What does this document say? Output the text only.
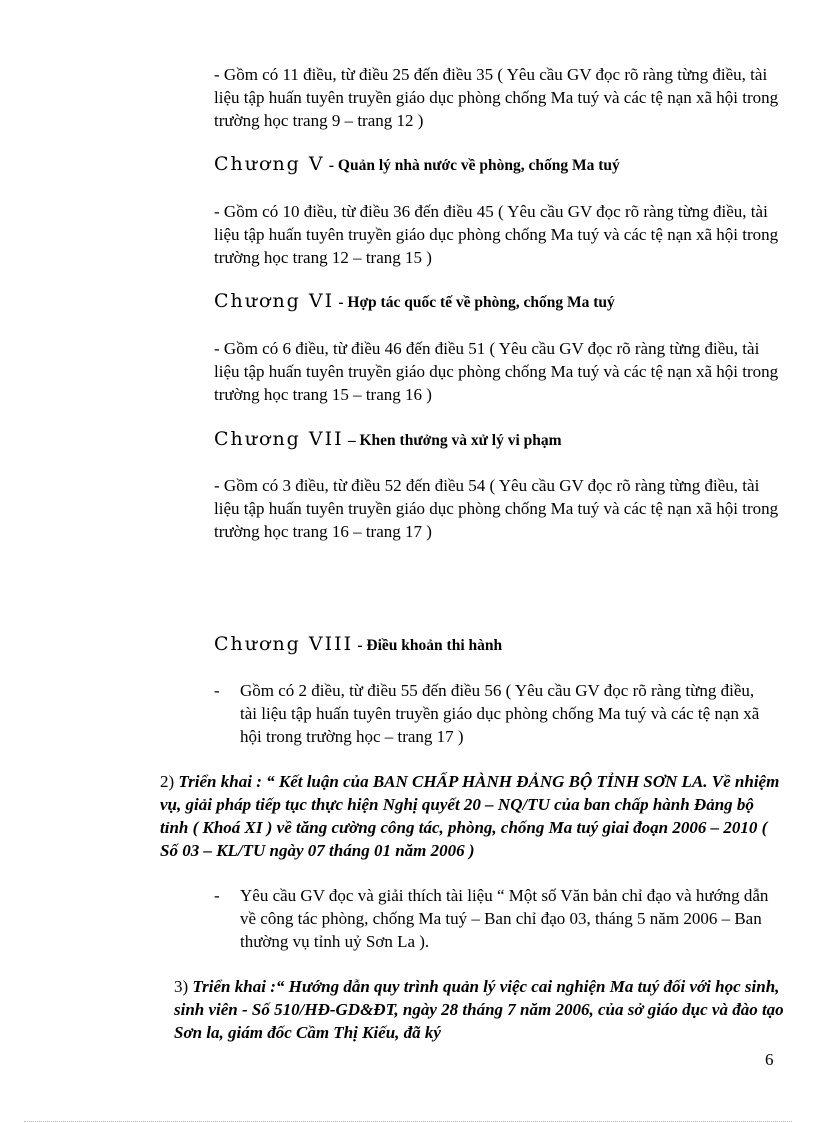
- Gồm có 11 điều, từ điều 25 đến điều 35 ( Yêu cầu GV đọc rõ ràng từng điều, tài liệu tập huấn tuyên truyền giáo dục phòng chống Ma tuý và các tệ nạn xã hội trong trường học trang 9 – trang 12 )

Chương V - Quản lý nhà nước về phòng, chống Ma tuý

- Gồm có 10 điều, từ điều 36 đến điều 45 ( Yêu cầu GV đọc rõ ràng từng điều, tài liệu tập huấn tuyên truyền giáo dục phòng chống Ma tuý và các tệ nạn xã hội trong trường học trang 12 – trang 15 )

Chương VI - Hợp tác quốc tế về phòng, chống Ma tuý

- Gồm có 6 điều, từ điều 46 đến điều 51 ( Yêu cầu GV đọc rõ ràng từng điều, tài liệu tập huấn tuyên truyền giáo dục phòng chống Ma tuý và các tệ nạn xã hội trong trường học trang 15 – trang 16 )

Chương VII – Khen thưởng và xử lý vi phạm

- Gồm có 3 điều, từ điều 52 đến điều 54 ( Yêu cầu GV đọc rõ ràng từng điều, tài liệu tập huấn tuyên truyền giáo dục phòng chống Ma tuý và các tệ nạn xã hội trong trường học trang 16 – trang 17 )

Chương VIII - Điều khoản thi hành

-	Gồm có 2 điều, từ điều 55 đến điều 56 ( Yêu cầu GV đọc rõ ràng từng điều, tài liệu tập huấn tuyên truyền giáo dục phòng chống Ma tuý và các tệ nạn xã hội trong trường học – trang 17 )

2) Triển khai : “ Kết luận của BAN CHẤP HÀNH ĐẢNG BỘ TỈNH SƠN LA. Về nhiệm vụ, giải pháp tiếp tục thực hiện Nghị quyết 20 – NQ/TU của ban chấp hành Đảng bộ tỉnh ( Khoá XI ) về tăng cường công tác, phòng, chống Ma tuý giai đoạn 2006 – 2010 ( Số 03 – KL/TU ngày 07 tháng 01 năm 2006 )

-	Yêu cầu GV đọc và giải thích tài liệu “ Một số Văn bản chỉ đạo và hướng dẫn về công tác phòng, chống Ma tuý – Ban chỉ đạo 03, tháng 5 năm 2006 – Ban thường vụ tỉnh uỷ Sơn La ).

3) Triển khai :“ Hướng dẫn quy trình quản lý việc cai nghiện Ma tuý đối với học sinh, sinh viên - Số 510/HĐ-GD&ĐT, ngày 28 tháng 7 năm 2006, của sở giáo dục và đào tạo Sơn la, giám đốc Cầm Thị Kiếu, đã ký

6
